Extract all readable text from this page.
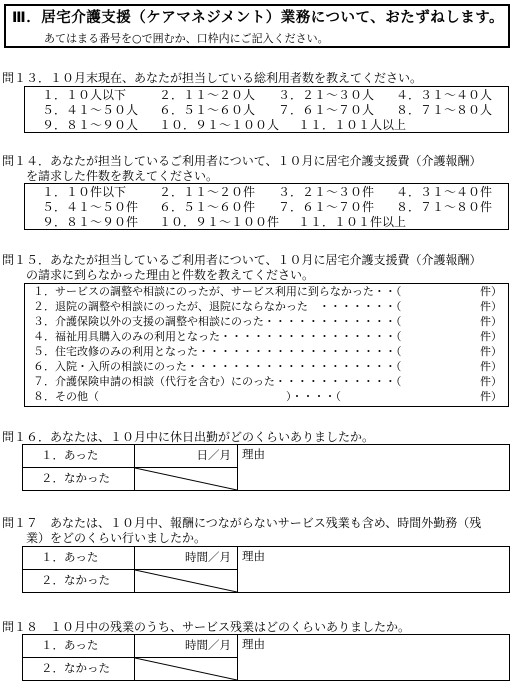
Ⅲ．居宅介護支援（ケアマネジメント）業務について、おたずねします。
あてはまる番号を○で囲むか、口枠内にご記入ください。
問１３．１０月末現在、あなたが担当している総利用者数を教えてください。
１．１０人以下	２．１１～２０人 ３．２１～３０人 ４．３１～４０人
５．４１～５０人 ６．５１～６０人 ７．６１～７０人 ８．７１～８０人
９．８１～９０人 １０．９１～１００人 １１．１０１人以上
問１４．あなたが担当しているご利用者について、１０月に居宅介護支援費（介護報酬）
を請求した件数を教えてください。
１．１０件以下	２．１１～２０件 ３．２１～３０件 ４．３１～４０件
５．４１～５０件 ６．５１～６０件 ７．６１～７０件 ８．７１～８０件
９．８１～９０件 １０．９１～１００件 １１．１０１件以上
問１５．あなたが担当しているご利用者について、１０月に居宅介護支援費（介護報酬）
の請求に到らなかった理由と件数を教えてください。
１．サービスの調整や相談にのったが、サービス利用に到らなかった・・（	件）
２．退院の調整や相談にのったが、退院にならなかった　・・・・・・・（	件）
３．介護保険以外の支援の調整や相談にのった・・・・・・・・・・・・（	件）
４．福祉用具購入のみの利用となった・・・・・・・・・・・・・・・・（	件）
５．住宅改修のみの利用となった・・・・・・・・・・・・・・・・・・（	件）
６．入院・入所の相談にのった・・・・・・・・・・・・・・・・・・・（	件）
７．介護保険申請の相談（代行を含む）にのった・・・・・・・・・・・（	件）
８．その他（　　　　　　　　　　　　　　　　　）・・・・（	件）
問１６．あなたは、１０月中に休日出勤がどのくらいありましたか。
１．あった	日／月	理由
２．なかった	
問１７　あなたは、１０月中、報酬につながらないサービス残業も含め、時間外勤務（残
業）をどのくらい行いましたか。
１．あった	時間／月	理由
２．なかった	
問１８　１０月中の残業のうち、サービス残業はどのくらいありましたか。
１．あった	時間／月	理由
２．なかった	
